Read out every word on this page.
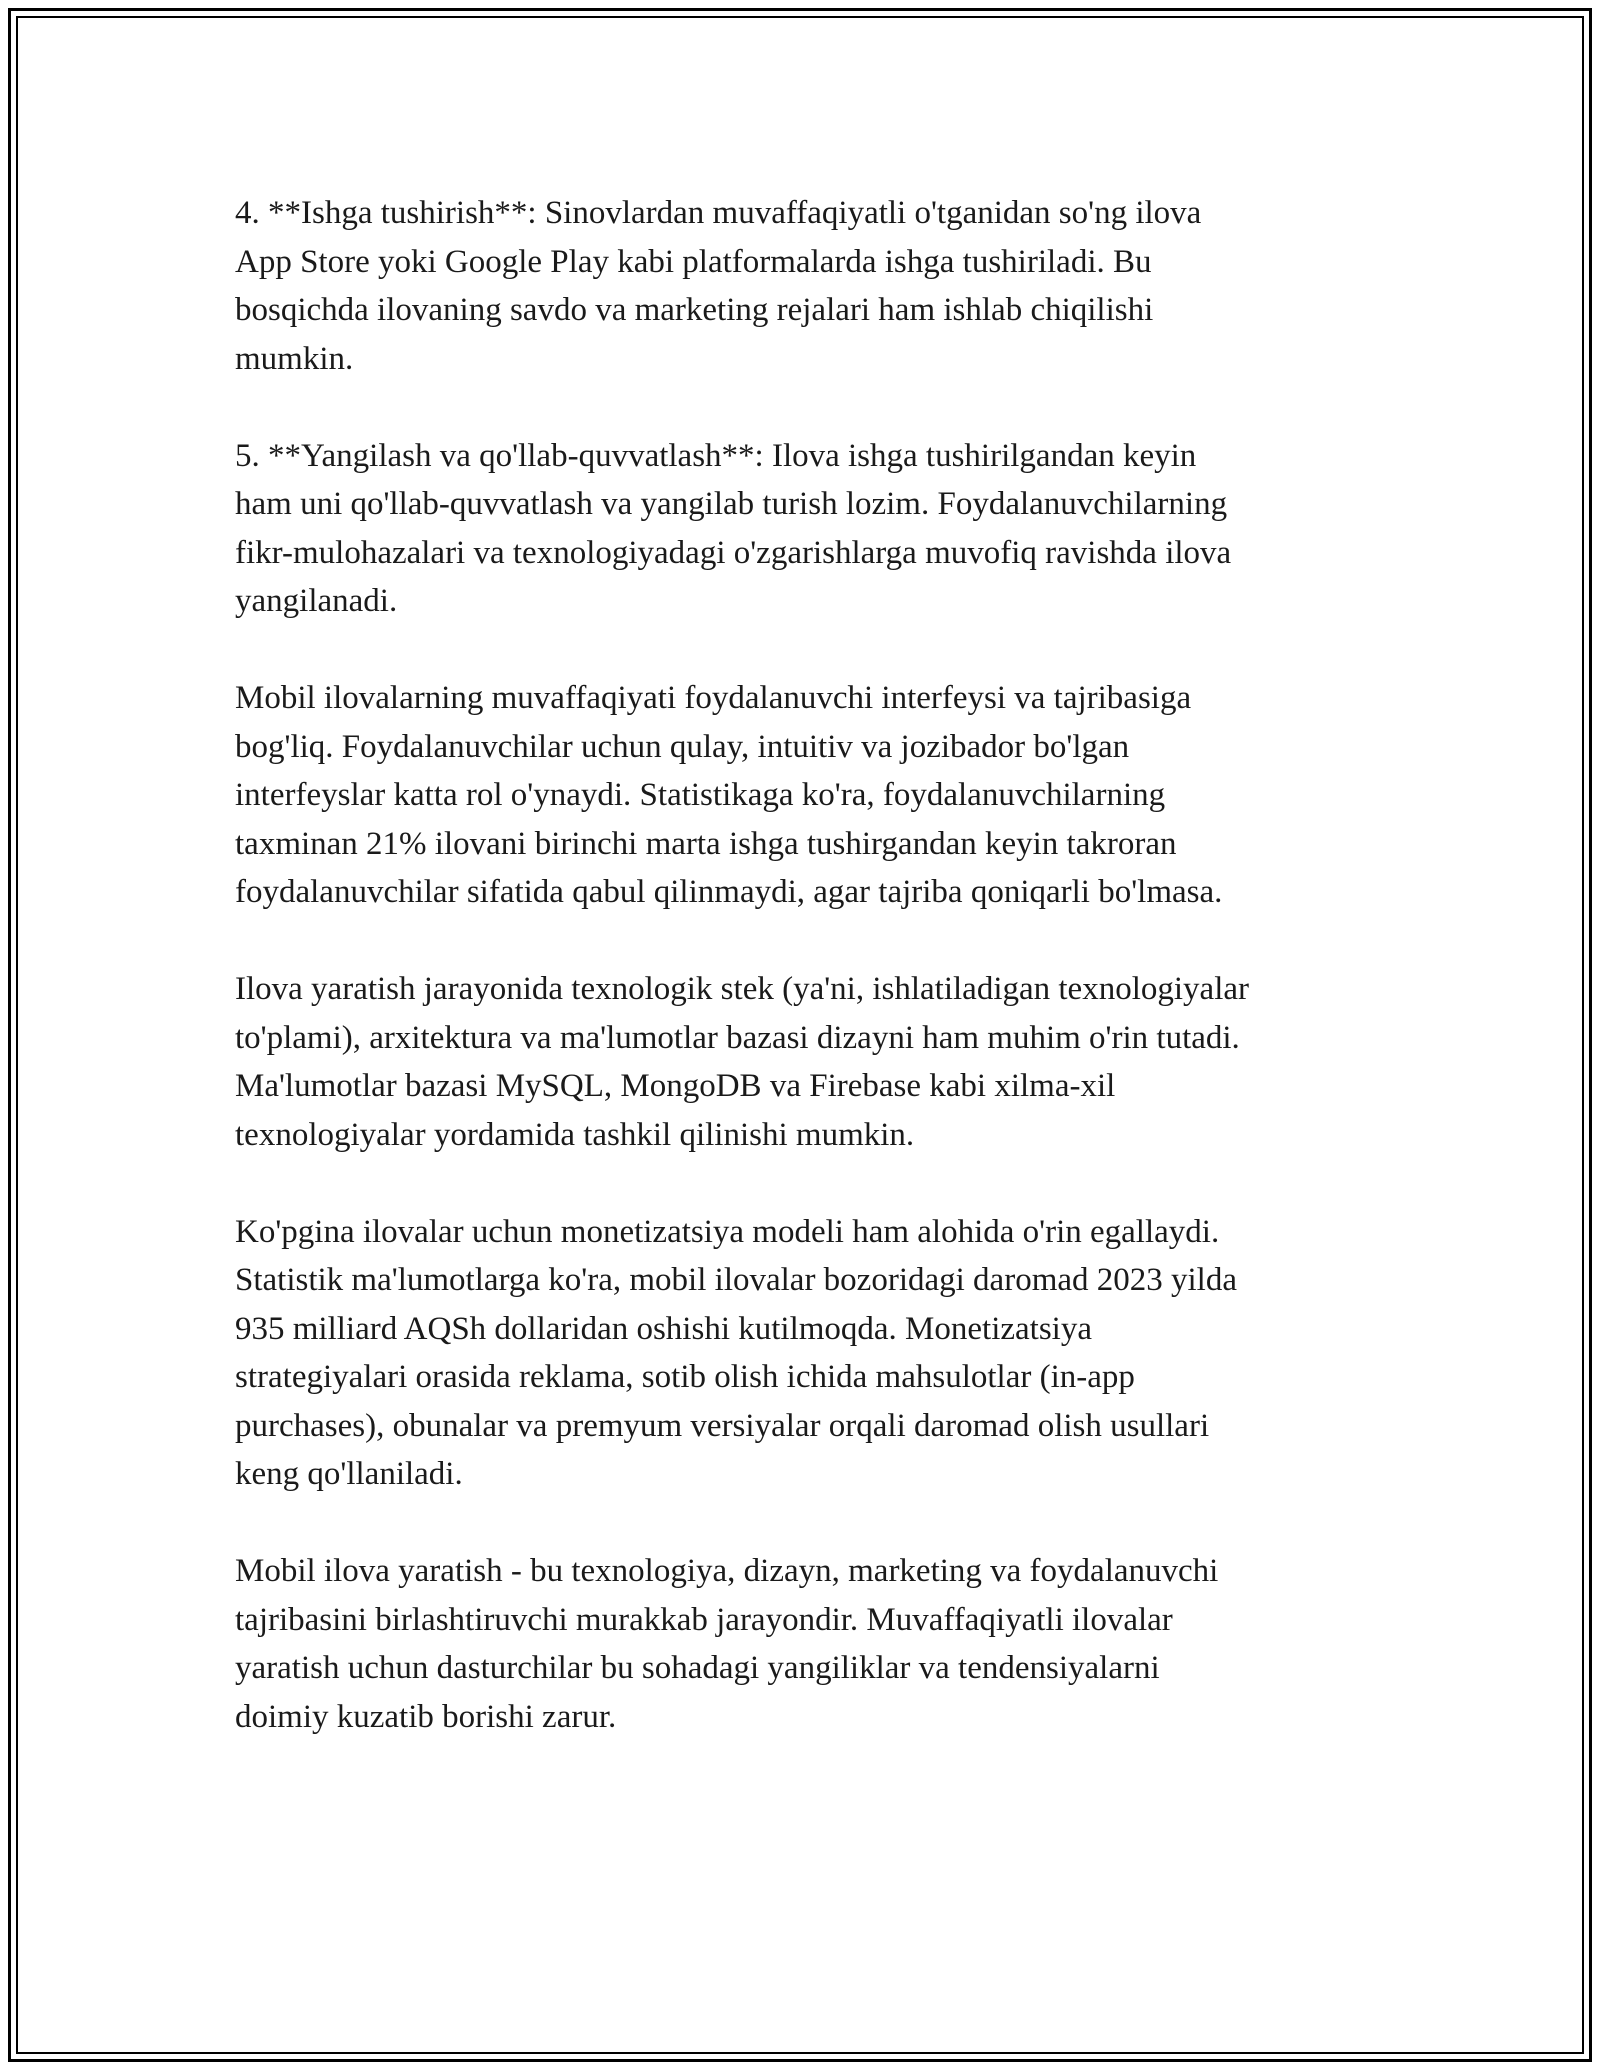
4. **Ishga tushirish**: Sinovlardan muvaffaqiyatli o'tganidan so'ng ilova
App Store yoki Google Play kabi platformalarda ishga tushiriladi. Bu
bosqichda ilovaning savdo va marketing rejalari ham ishlab chiqilishi
mumkin.

5. **Yangilash va qo'llab-quvvatlash**: Ilova ishga tushirilgandan keyin
ham uni qo'llab-quvvatlash va yangilab turish lozim. Foydalanuvchilarning
fikr-mulohazalari va texnologiyadagi o'zgarishlarga muvofiq ravishda ilova
yangilanadi.

Mobil ilovalarning muvaffaqiyati foydalanuvchi interfeysi va tajribasiga
bog'liq. Foydalanuvchilar uchun qulay, intuitiv va jozibador bo'lgan
interfeyslar katta rol o'ynaydi. Statistikaga ko'ra, foydalanuvchilarning
taxminan 21% ilovani birinchi marta ishga tushirgandan keyin takroran
foydalanuvchilar sifatida qabul qilinmaydi, agar tajriba qoniqarli bo'lmasa.

Ilova yaratish jarayonida texnologik stek (ya'ni, ishlatiladigan texnologiyalar
to'plami), arxitektura va ma'lumotlar bazasi dizayni ham muhim o'rin tutadi.
Ma'lumotlar bazasi MySQL, MongoDB va Firebase kabi xilma-xil
texnologiyalar yordamida tashkil qilinishi mumkin.

Ko'pgina ilovalar uchun monetizatsiya modeli ham alohida o'rin egallaydi.
Statistik ma'lumotlarga ko'ra, mobil ilovalar bozoridagi daromad 2023 yilda
935 milliard AQSh dollaridan oshishi kutilmoqda. Monetizatsiya
strategiyalari orasida reklama, sotib olish ichida mahsulotlar (in-app
purchases), obunalar va premyum versiyalar orqali daromad olish usullari
keng qo'llaniladi.

Mobil ilova yaratish - bu texnologiya, dizayn, marketing va foydalanuvchi
tajribasini birlashtiruvchi murakkab jarayondir. Muvaffaqiyatli ilovalar
yaratish uchun dasturchilar bu sohadagi yangiliklar va tendensiyalarni
doimiy kuzatib borishi zarur.
